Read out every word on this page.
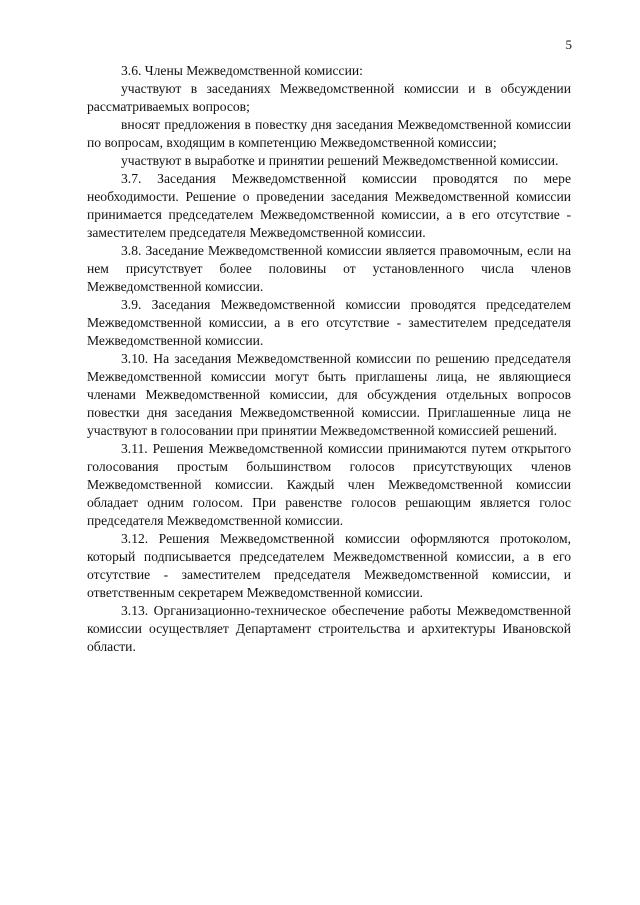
5

3.6. Члены Межведомственной комиссии:

участвуют в заседаниях Межведомственной комиссии и в обсуждении рассматриваемых вопросов;

вносят предложения в повестку дня заседания Межведомственной комиссии по вопросам, входящим в компетенцию Межведомственной комиссии;

участвуют в выработке и принятии решений Межведомственной комиссии.

3.7. Заседания Межведомственной комиссии проводятся по мере необходимости. Решение о проведении заседания Межведомственной комиссии принимается председателем Межведомственной комиссии, а в его отсутствие - заместителем председателя Межведомственной комиссии.

3.8. Заседание Межведомственной комиссии является правомочным, если на нем присутствует более половины от установленного числа членов Межведомственной комиссии.

3.9. Заседания Межведомственной комиссии проводятся председателем Межведомственной комиссии, а в его отсутствие - заместителем председателя Межведомственной комиссии.

3.10. На заседания Межведомственной комиссии по решению председателя Межведомственной комиссии могут быть приглашены лица, не являющиеся членами Межведомственной комиссии, для обсуждения отдельных вопросов повестки дня заседания Межведомственной комиссии. Приглашенные лица не участвуют в голосовании при принятии Межведомственной комиссией решений.

3.11. Решения Межведомственной комиссии принимаются путем открытого голосования простым большинством голосов присутствующих членов Межведомственной комиссии. Каждый член Межведомственной комиссии обладает одним голосом. При равенстве голосов решающим является голос председателя Межведомственной комиссии.

3.12. Решения Межведомственной комиссии оформляются протоколом, который подписывается председателем Межведомственной комиссии, а в его отсутствие - заместителем председателя Межведомственной комиссии, и ответственным секретарем Межведомственной комиссии.

3.13. Организационно-техническое обеспечение работы Межведомственной комиссии осуществляет Департамент строительства и архитектуры Ивановской области.
